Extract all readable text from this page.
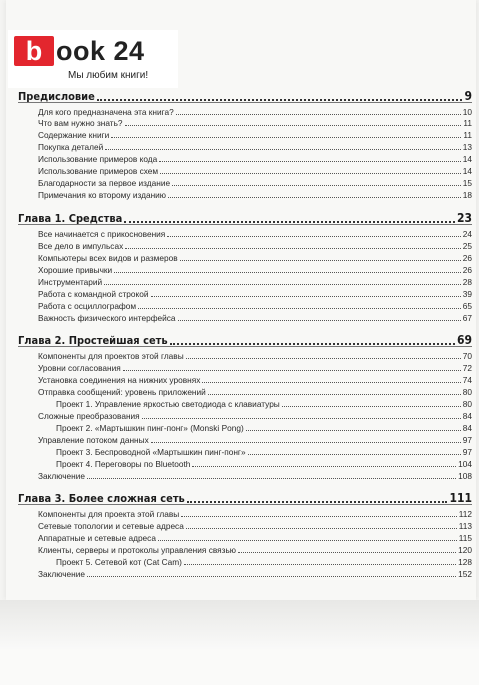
b ook 24
Мы любим книги!
Предисловие	9
Для кого предназначена эта книга?	10
Что вам нужно знать?	11
Содержание книги	11
Покупка деталей	13
Использование примеров кода	14
Использование примеров схем	14
Благодарности за первое издание	15
Примечания ко второму изданию	18
Глава 1. Средства	23
Все начинается с прикосновения	24
Все дело в импульсах	25
Компьютеры всех видов и размеров	26
Хорошие привычки	26
Инструментарий	28
Работа с командной строкой	39
Работа с осциллографом	65
Важность физического интерфейса	67
Глава 2. Простейшая сеть	69
Компоненты для проектов этой главы	70
Уровни согласования	72
Установка соединения на нижних уровнях	74
Отправка сообщений: уровень приложений	80
Проект 1. Управление яркостью светодиода с клавиатуры	80
Сложные преобразования	84
Проект 2. «Мартышкин пинг-понг» (Monski Pong)	84
Управление потоком данных	97
Проект 3. Беспроводной «Мартышкин пинг-понг»	97
Проект 4. Переговоры по Bluetooth	104
Заключение	108
Глава 3. Более сложная сеть	111
Компоненты для проекта этой главы	112
Сетевые топологии и сетевые адреса	113
Аппаратные и сетевые адреса	115
Клиенты, серверы и протоколы управления связью	120
Проект 5. Сетевой кот (Cat Cam)	128
Заключение	152
